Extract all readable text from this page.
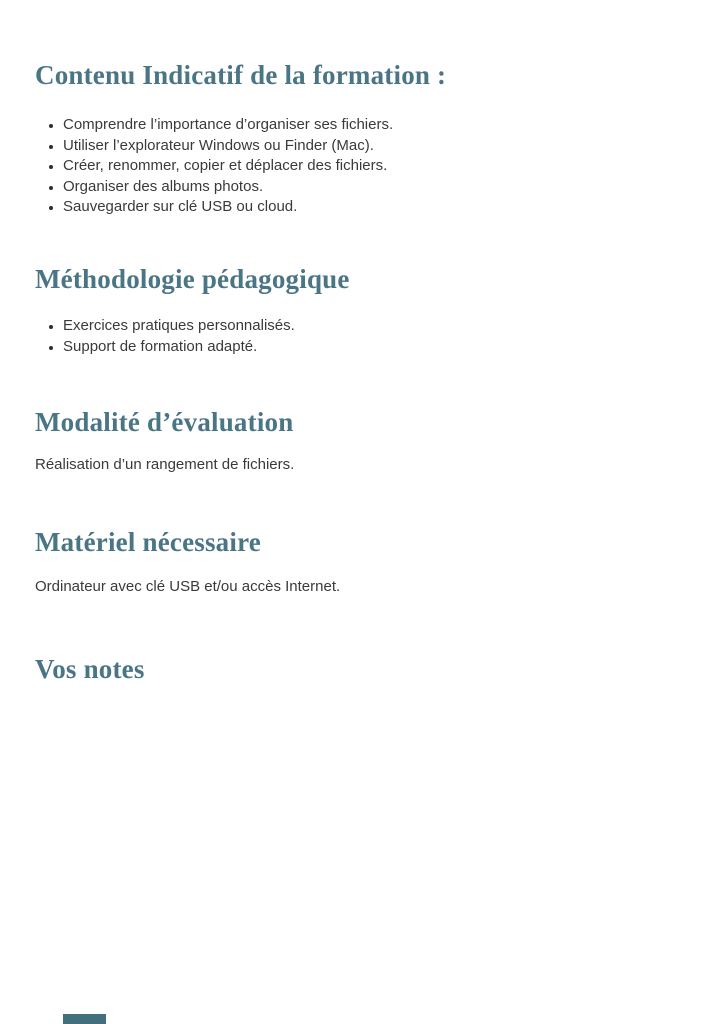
Contenu Indicatif de la formation :
• Comprendre l’importance d’organiser ses fichiers.
• Utiliser l’explorateur Windows ou Finder (Mac).
• Créer, renommer, copier et déplacer des fichiers.
• Organiser des albums photos.
• Sauvegarder sur clé USB ou cloud.
Méthodologie pédagogique
• Exercices pratiques personnalisés.
• Support de formation adapté.
Modalité d’évaluation

Réalisation d’un rangement de fichiers.

Matériel nécessaire

Ordinateur avec clé USB et/ou accès Internet.

Vos notes
